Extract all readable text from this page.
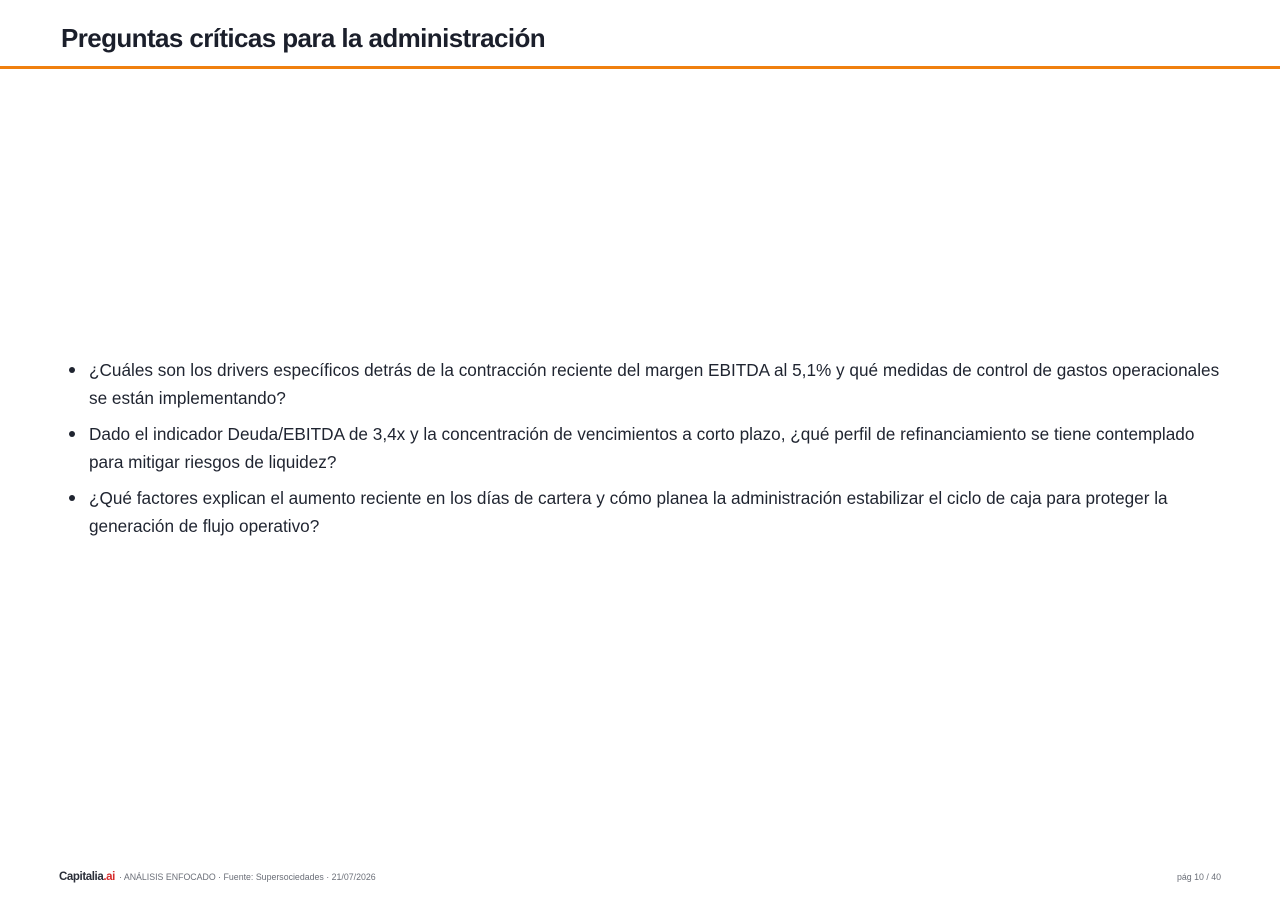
Preguntas críticas para la administración
¿Cuáles son los drivers específicos detrás de la contracción reciente del margen EBITDA al 5,1% y qué medidas de control de gastos operacionales se están implementando?
Dado el indicador Deuda/EBITDA de 3,4x y la concentración de vencimientos a corto plazo, ¿qué perfil de refinanciamiento se tiene contemplado para mitigar riesgos de liquidez?
¿Qué factores explican el aumento reciente en los días de cartera y cómo planea la administración estabilizar el ciclo de caja para proteger la generación de flujo operativo?
Capitalia.ai · ANÁLISIS ENFOCADO · Fuente: Supersociedades · 21/07/2026	pág 10 / 40
